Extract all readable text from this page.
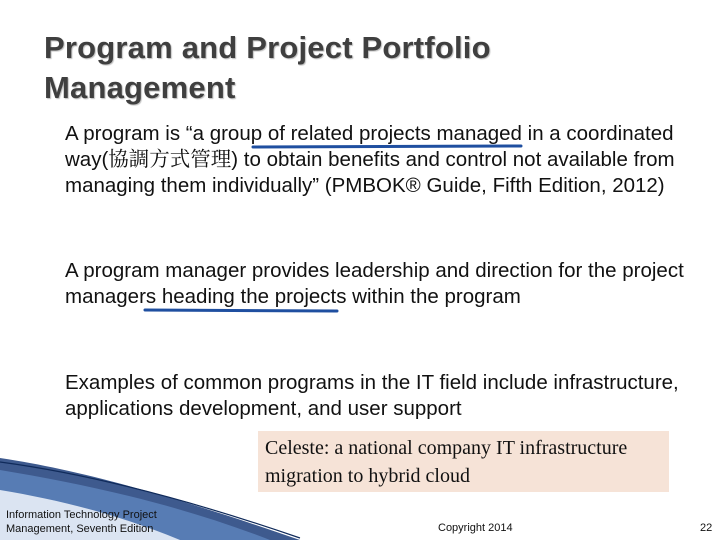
Program and Project Portfolio Management
A program is “a group of related projects managed in a coordinated way(協調方式管理) to obtain benefits and control not available from managing them individually” (PMBOK® Guide, Fifth Edition, 2012)
A program manager provides leadership and direction for the project managers heading the projects within the program
Examples of common programs in the IT field include infrastructure, applications development, and user support
Celeste: a national company IT infrastructure migration to hybrid cloud
Information Technology Project
Management, Seventh Edition	Copyright 2014	22
